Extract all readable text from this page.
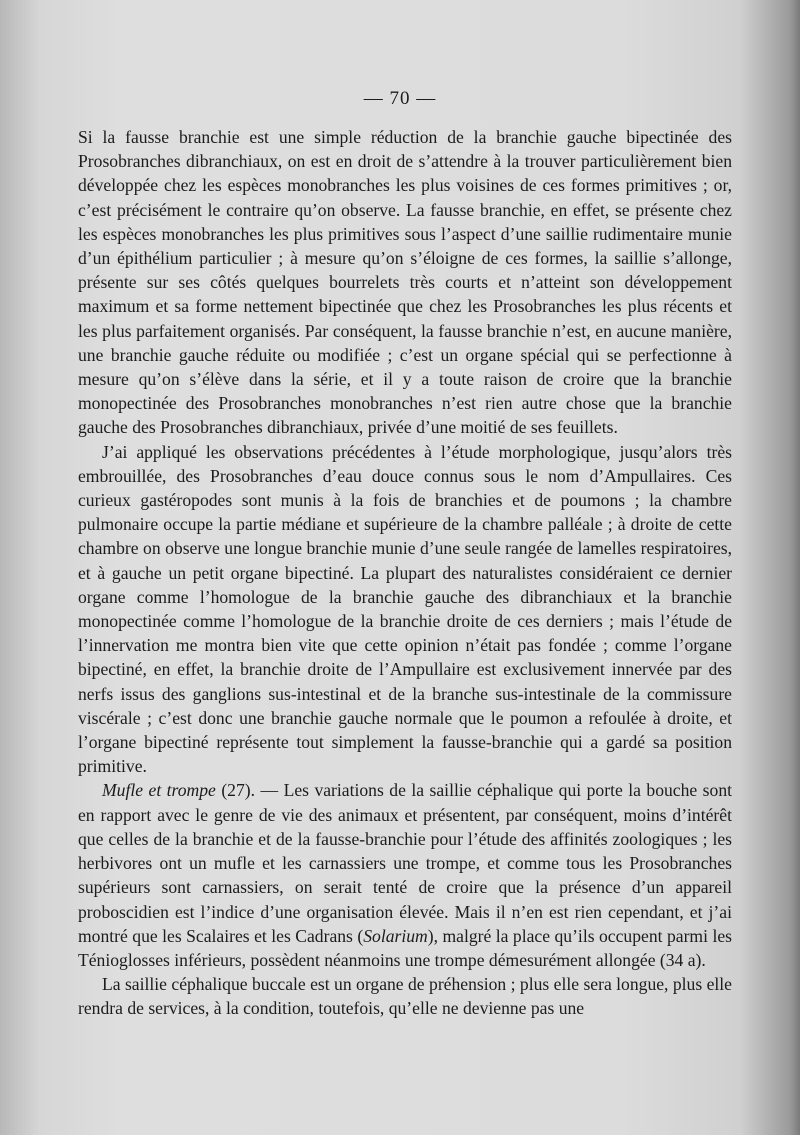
— 70 —

Si la fausse branchie est une simple réduction de la branchie gauche bipectinée des Prosobranches dibranchiaux, on est en droit de s’attendre à la trouver particulièrement bien développée chez les espèces monobranches les plus voisines de ces formes primitives ; or, c’est précisément le contraire qu’on observe. La fausse branchie, en effet, se présente chez les espèces monobranches les plus primitives sous l’aspect d’une saillie rudimentaire munie d’un épithélium particulier ; à mesure qu’on s’éloigne de ces formes, la saillie s’allonge, présente sur ses côtés quelques bourrelets très courts et n’atteint son développement maximum et sa forme nettement bipectinée que chez les Prosobranches les plus récents et les plus parfaitement organisés. Par conséquent, la fausse branchie n’est, en aucune manière, une branchie gauche réduite ou modifiée ; c’est un organe spécial qui se perfectionne à mesure qu’on s’élève dans la série, et il y a toute raison de croire que la branchie monopectinée des Prosobranches monobranches n’est rien autre chose que la branchie gauche des Prosobranches dibranchiaux, privée d’une moitié de ses feuillets.

J’ai appliqué les observations précédentes à l’étude morphologique, jusqu’alors très embrouillée, des Prosobranches d’eau douce connus sous le nom d’Ampullaires. Ces curieux gastéropodes sont munis à la fois de branchies et de poumons ; la chambre pulmonaire occupe la partie médiane et supérieure de la chambre palléale ; à droite de cette chambre on observe une longue branchie munie d’une seule rangée de lamelles respiratoires, et à gauche un petit organe bipectiné. La plupart des naturalistes considéraient ce dernier organe comme l’homologue de la branchie gauche des dibranchiaux et la branchie monopectinée comme l’homologue de la branchie droite de ces derniers ; mais l’étude de l’innervation me montra bien vite que cette opinion n’était pas fondée ; comme l’organe bipectiné, en effet, la branchie droite de l’Ampullaire est exclusivement innervée par des nerfs issus des ganglions sus-intestinal et de la branche sus-intestinale de la commissure viscérale ; c’est donc une branchie gauche normale que le poumon a refoulée à droite, et l’organe bipectiné représente tout simplement la fausse-branchie qui a gardé sa position primitive.

Mufle et trompe (27). — Les variations de la saillie céphalique qui porte la bouche sont en rapport avec le genre de vie des animaux et présentent, par conséquent, moins d’intérêt que celles de la branchie et de la fausse-branchie pour l’étude des affinités zoologiques ; les herbivores ont un mufle et les carnassiers une trompe, et comme tous les Prosobranches supérieurs sont carnassiers, on serait tenté de croire que la présence d’un appareil proboscidien est l’indice d’une organisation élevée. Mais il n’en est rien cependant, et j’ai montré que les Scalaires et les Cadrans (Solarium), malgré la place qu’ils occupent parmi les Ténioglosses inférieurs, possèdent néanmoins une trompe démesurément allongée (34 a).

La saillie céphalique buccale est un organe de préhension ; plus elle sera longue, plus elle rendra de services, à la condition, toutefois, qu’elle ne devienne pas une
